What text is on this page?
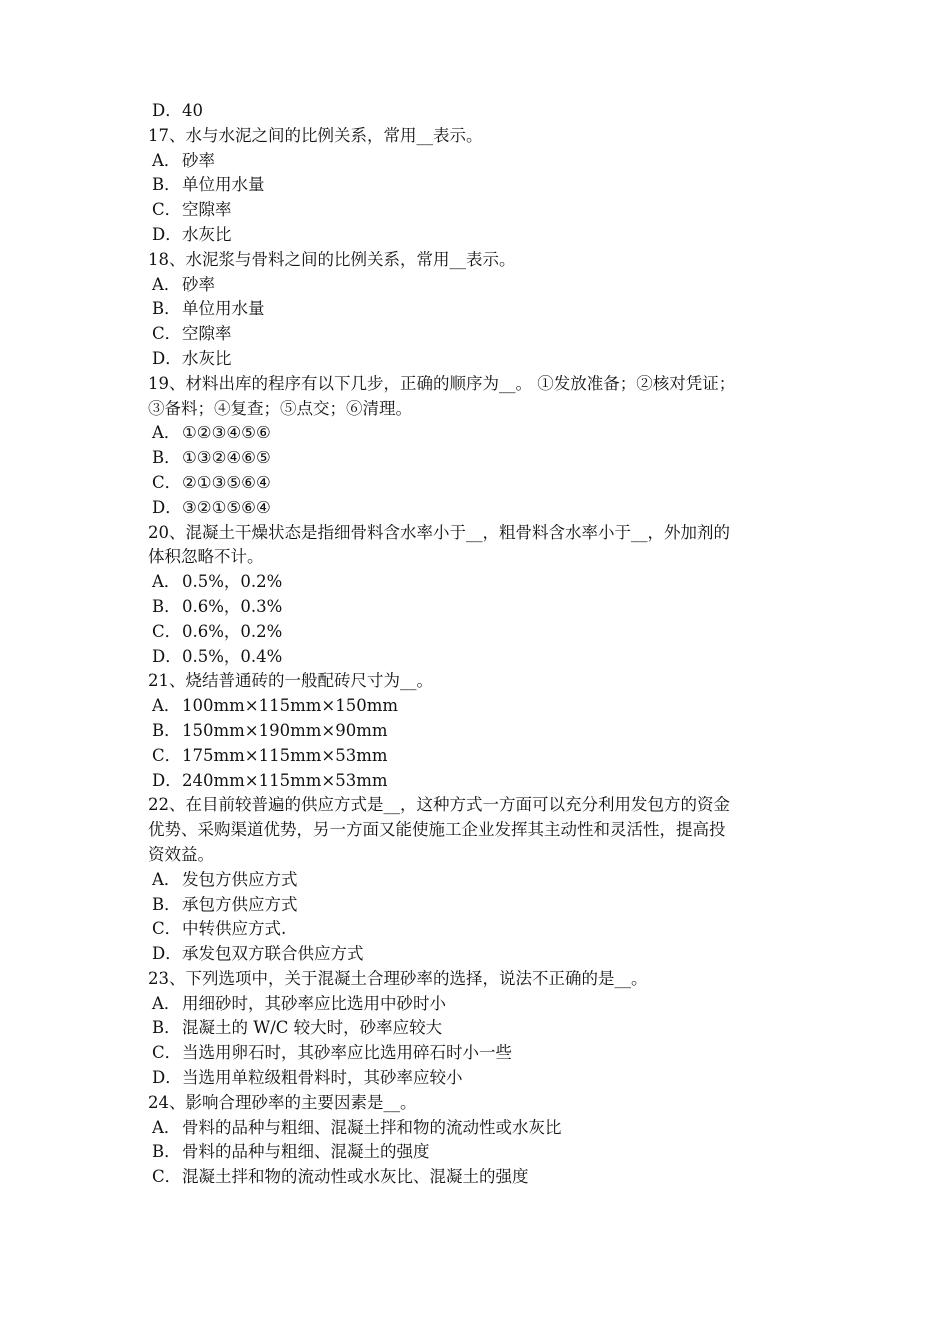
D．40
17、水与水泥之间的比例关系，常用__表示。
A．砂率
B．单位用水量
C．空隙率
D．水灰比
18、水泥浆与骨料之间的比例关系，常用__表示。
A．砂率
B．单位用水量
C．空隙率
D．水灰比
19、材料出库的程序有以下几步，正确的顺序为__。 ①发放准备；②核对凭证；
③备料；④复查；⑤点交；⑥清理。
A．①②③④⑤⑥
B．①③②④⑥⑤
C．②①③⑤⑥④
D．③②①⑤⑥④
20、混凝土干燥状态是指细骨料含水率小于__，粗骨料含水率小于__，外加剂的
体积忽略不计。
A．0.5%，0.2%
B．0.6%，0.3%
C．0.6%，0.2%
D．0.5%，0.4%
21、烧结普通砖的一般配砖尺寸为__。
A．100mm×115mm×150mm
B．150mm×190mm×90mm
C．175mm×115mm×53mm
D．240mm×115mm×53mm
22、在目前较普遍的供应方式是__，这种方式一方面可以充分利用发包方的资金
优势、采购渠道优势，另一方面又能使施工企业发挥其主动性和灵活性，提高投
资效益。
A．发包方供应方式
B．承包方供应方式
C．中转供应方式.
D．承发包双方联合供应方式
23、下列选项中，关于混凝土合理砂率的选择，说法不正确的是__。
A．用细砂时，其砂率应比选用中砂时小
B．混凝土的 W/C 较大时，砂率应较大
C．当选用卵石时，其砂率应比选用碎石时小一些
D．当选用单粒级粗骨料时，其砂率应较小
24、影响合理砂率的主要因素是__。
A．骨料的品种与粗细、混凝土拌和物的流动性或水灰比
B．骨料的品种与粗细、混凝土的强度
C．混凝土拌和物的流动性或水灰比、混凝土的强度
